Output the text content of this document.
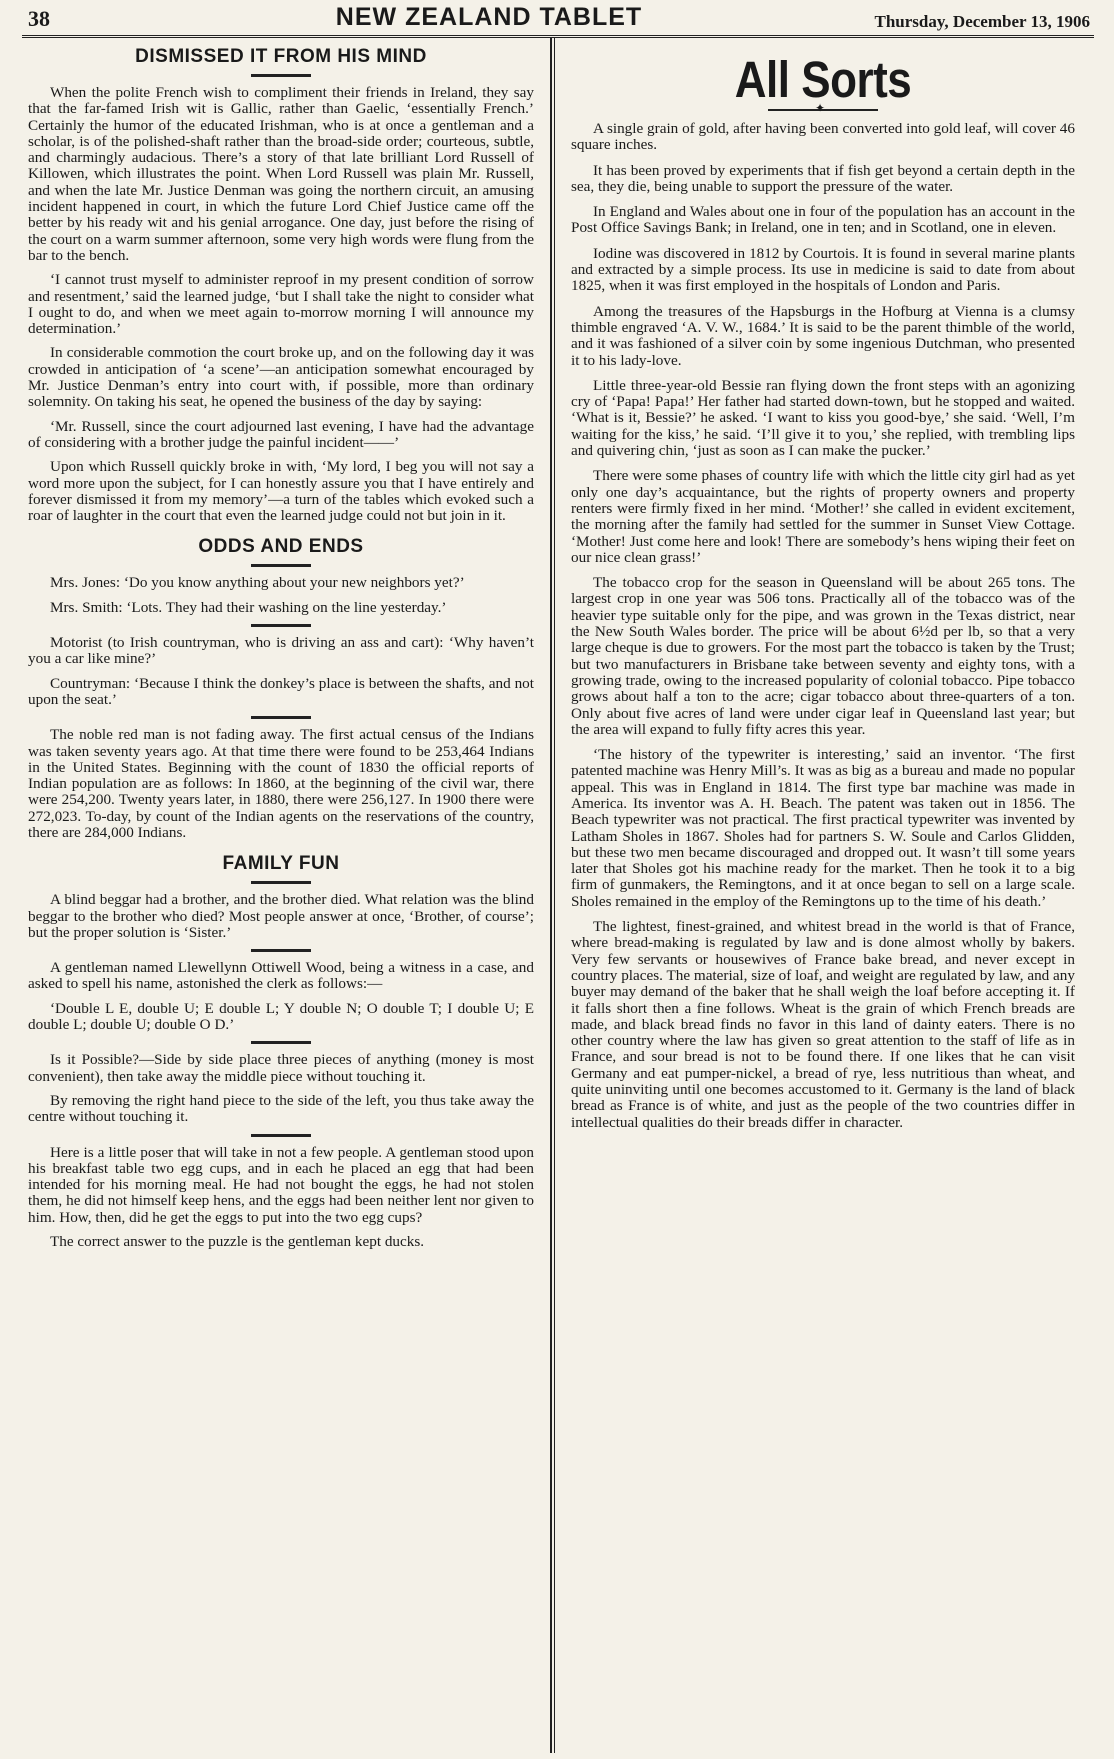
38	NEW ZEALAND TABLET	Thursday, December 13, 1906
DISMISSED IT FROM HIS MIND

When the polite French wish to compliment their friends in Ireland, they say that the far-famed Irish wit is Gallic, rather than Gaelic, ‘essentially French.’ Certainly the humor of the educated Irishman, who is at once a gentleman and a scholar, is of the polished-shaft rather than the broad-side order; courteous, subtle, and charmingly audacious. There’s a story of that late brilliant Lord Russell of Killowen, which illustrates the point. When Lord Russell was plain Mr. Russell, and when the late Mr. Justice Denman was going the northern circuit, an amusing incident happened in court, in which the future Lord Chief Justice came off the better by his ready wit and his genial arrogance. One day, just before the rising of the court on a warm summer afternoon, some very high words were flung from the bar to the bench.

‘I cannot trust myself to administer reproof in my present condition of sorrow and resentment,’ said the learned judge, ‘but I shall take the night to consider what I ought to do, and when we meet again to-morrow morning I will announce my determination.’

In considerable commotion the court broke up, and on the following day it was crowded in anticipation of ‘a scene’—an anticipation somewhat encouraged by Mr. Justice Denman’s entry into court with, if possible, more than ordinary solemnity. On taking his seat, he opened the business of the day by saying:

‘Mr. Russell, since the court adjourned last evening, I have had the advantage of considering with a brother judge the painful incident——’

Upon which Russell quickly broke in with, ‘My lord, I beg you will not say a word more upon the subject, for I can honestly assure you that I have entirely and forever dismissed it from my memory’—a turn of the tables which evoked such a roar of laughter in the court that even the learned judge could not but join in it.

ODDS AND ENDS

Mrs. Jones: ‘Do you know anything about your new neighbors yet?’

Mrs. Smith: ‘Lots. They had their washing on the line yesterday.’

Motorist (to Irish countryman, who is driving an ass and cart): ‘Why haven’t you a car like mine?’

Countryman: ‘Because I think the donkey’s place is between the shafts, and not upon the seat.’

The noble red man is not fading away. The first actual census of the Indians was taken seventy years ago. At that time there were found to be 253,464 Indians in the United States. Beginning with the count of 1830 the official reports of Indian population are as follows: In 1860, at the beginning of the civil war, there were 254,200. Twenty years later, in 1880, there were 256,127. In 1900 there were 272,023. To-day, by count of the Indian agents on the reservations of the country, there are 284,000 Indians.

FAMILY FUN

A blind beggar had a brother, and the brother died. What relation was the blind beggar to the brother who died? Most people answer at once, ‘Brother, of course’; but the proper solution is ‘Sister.’

A gentleman named Llewellynn Ottiwell Wood, being a witness in a case, and asked to spell his name, astonished the clerk as follows:—

‘Double L E, double U; E double L; Y double N; O double T; I double U; E double L; double U; double O D.’

Is it Possible?—Side by side place three pieces of anything (money is most convenient), then take away the middle piece without touching it.

By removing the right hand piece to the side of the left, you thus take away the centre without touching it.

Here is a little poser that will take in not a few people. A gentleman stood upon his breakfast table two egg cups, and in each he placed an egg that had been intended for his morning meal. He had not bought the eggs, he had not stolen them, he did not himself keep hens, and the eggs had been neither lent nor given to him. How, then, did he get the eggs to put into the two egg cups?

The correct answer to the puzzle is the gentleman kept ducks.

All Sorts
✦

A single grain of gold, after having been converted into gold leaf, will cover 46 square inches.

It has been proved by experiments that if fish get beyond a certain depth in the sea, they die, being unable to support the pressure of the water.

In England and Wales about one in four of the population has an account in the Post Office Savings Bank; in Ireland, one in ten; and in Scotland, one in eleven.

Iodine was discovered in 1812 by Courtois. It is found in several marine plants and extracted by a simple process. Its use in medicine is said to date from about 1825, when it was first employed in the hospitals of London and Paris.

Among the treasures of the Hapsburgs in the Hofburg at Vienna is a clumsy thimble engraved ‘A. V. W., 1684.’ It is said to be the parent thimble of the world, and it was fashioned of a silver coin by some ingenious Dutchman, who presented it to his lady-love.

Little three-year-old Bessie ran flying down the front steps with an agonizing cry of ‘Papa! Papa!’ Her father had started down-town, but he stopped and waited. ‘What is it, Bessie?’ he asked. ‘I want to kiss you good-bye,’ she said. ‘Well, I’m waiting for the kiss,’ he said. ‘I’ll give it to you,’ she replied, with trembling lips and quivering chin, ‘just as soon as I can make the pucker.’

There were some phases of country life with which the little city girl had as yet only one day’s acquaintance, but the rights of property owners and property renters were firmly fixed in her mind. ‘Mother!’ she called in evident excitement, the morning after the family had settled for the summer in Sunset View Cottage. ‘Mother! Just come here and look! There are somebody’s hens wiping their feet on our nice clean grass!’

The tobacco crop for the season in Queensland will be about 265 tons. The largest crop in one year was 506 tons. Practically all of the tobacco was of the heavier type suitable only for the pipe, and was grown in the Texas district, near the New South Wales border. The price will be about 6½d per lb, so that a very large cheque is due to growers. For the most part the tobacco is taken by the Trust; but two manufacturers in Brisbane take between seventy and eighty tons, with a growing trade, owing to the increased popularity of colonial tobacco. Pipe tobacco grows about half a ton to the acre; cigar tobacco about three-quarters of a ton. Only about five acres of land were under cigar leaf in Queensland last year; but the area will expand to fully fifty acres this year.

‘The history of the typewriter is interesting,’ said an inventor. ‘The first patented machine was Henry Mill’s. It was as big as a bureau and made no popular appeal. This was in England in 1814. The first type bar machine was made in America. Its inventor was A. H. Beach. The patent was taken out in 1856. The Beach typewriter was not practical. The first practical typewriter was invented by Latham Sholes in 1867. Sholes had for partners S. W. Soule and Carlos Glidden, but these two men became discouraged and dropped out. It wasn’t till some years later that Sholes got his machine ready for the market. Then he took it to a big firm of gunmakers, the Remingtons, and it at once began to sell on a large scale. Sholes remained in the employ of the Remingtons up to the time of his death.’

The lightest, finest-grained, and whitest bread in the world is that of France, where bread-making is regulated by law and is done almost wholly by bakers. Very few servants or housewives of France bake bread, and never except in country places. The material, size of loaf, and weight are regulated by law, and any buyer may demand of the baker that he shall weigh the loaf before accepting it. If it falls short then a fine follows. Wheat is the grain of which French breads are made, and black bread finds no favor in this land of dainty eaters. There is no other country where the law has given so great attention to the staff of life as in France, and sour bread is not to be found there. If one likes that he can visit Germany and eat pumper-nickel, a bread of rye, less nutritious than wheat, and quite uninviting until one becomes accustomed to it. Germany is the land of black bread as France is of white, and just as the people of the two countries differ in intellectual qualities do their breads differ in character.
